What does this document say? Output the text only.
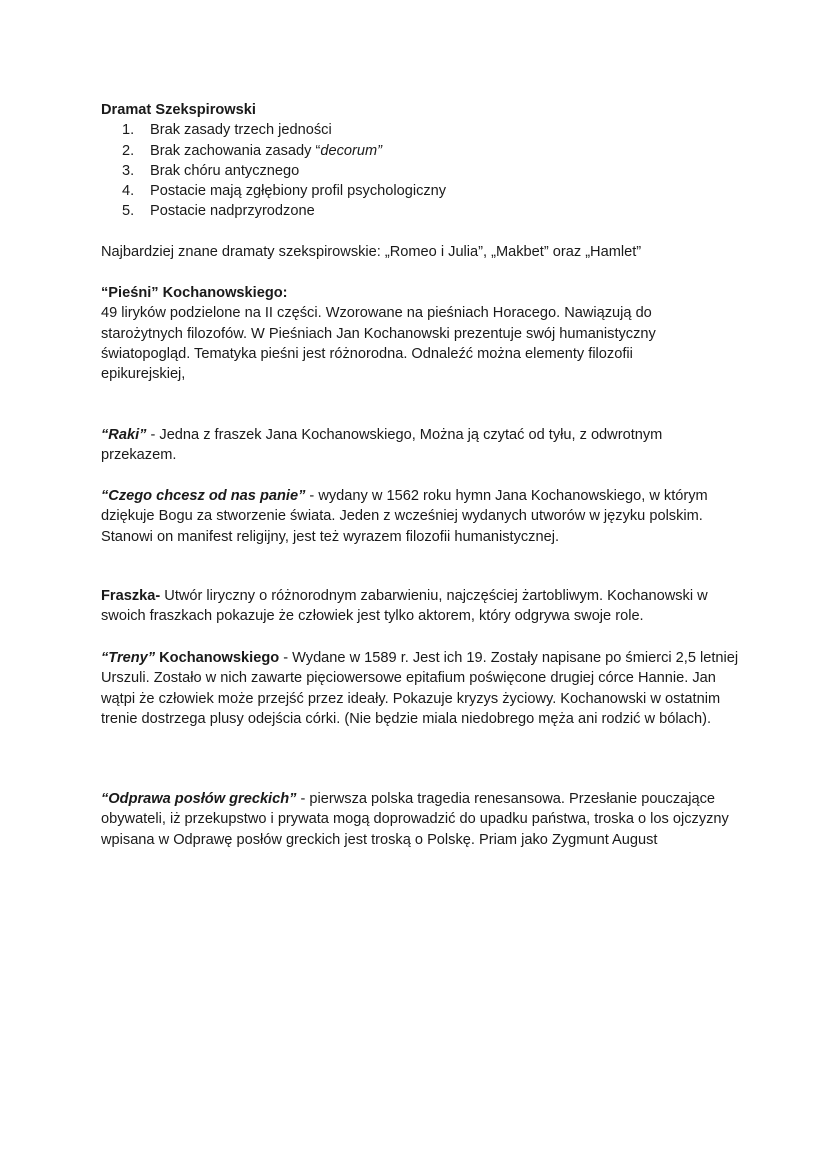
Dramat Szekspirowski

1. Brak zasady trzech jedności
2. Brak zachowania zasady “decorum”
3. Brak chóru antycznego
4. Postacie mają zgłębiony profil psychologiczny
5. Postacie nadprzyrodzone

Najbardziej znane dramaty szekspirowskie: „Romeo i Julia”, „Makbet” oraz „Hamlet”

“Pieśni” Kochanowskiego:

49 liryków podzielone na II części. Wzorowane na pieśniach Horacego. Nawiązują do starożytnych filozofów. W Pieśniach Jan Kochanowski prezentuje swój humanistyczny światopogląd. Tematyka pieśni jest różnorodna. Odnaleźć można elementy filozofii epikurejskiej,

“Raki” - Jedna z fraszek Jana Kochanowskiego, Można ją czytać od tyłu, z odwrotnym przekazem.

“Czego chcesz od nas panie” - wydany w 1562 roku hymn Jana Kochanowskiego, w którym dziękuje Bogu za stworzenie świata. Jeden z wcześniej wydanych utworów w języku polskim. Stanowi on manifest religijny, jest też wyrazem filozofii humanistycznej.

Fraszka- Utwór liryczny o różnorodnym zabarwieniu, najczęściej żartobliwym. Kochanowski w swoich fraszkach pokazuje że człowiek jest tylko aktorem, który odgrywa swoje role.

“Treny” Kochanowskiego - Wydane w 1589 r. Jest ich 19. Zostały napisane po śmierci 2,5 letniej Urszuli. Zostało w nich zawarte pięciowersowe epitafium poświęcone drugiej córce Hannie. Jan wątpi że człowiek może przejść przez ideały. Pokazuje kryzys życiowy. Kochanowski w ostatnim trenie dostrzega plusy odejścia córki. (Nie będzie miala niedobrego męża ani rodzić w bólach).

“Odprawa posłów greckich” - pierwsza polska tragedia renesansowa. Przesłanie pouczające obywateli, iż przekupstwo i prywata mogą doprowadzić do upadku państwa, troska o los ojczyzny wpisana w Odprawę posłów greckich jest troską o Polskę. Priam jako Zygmunt August
